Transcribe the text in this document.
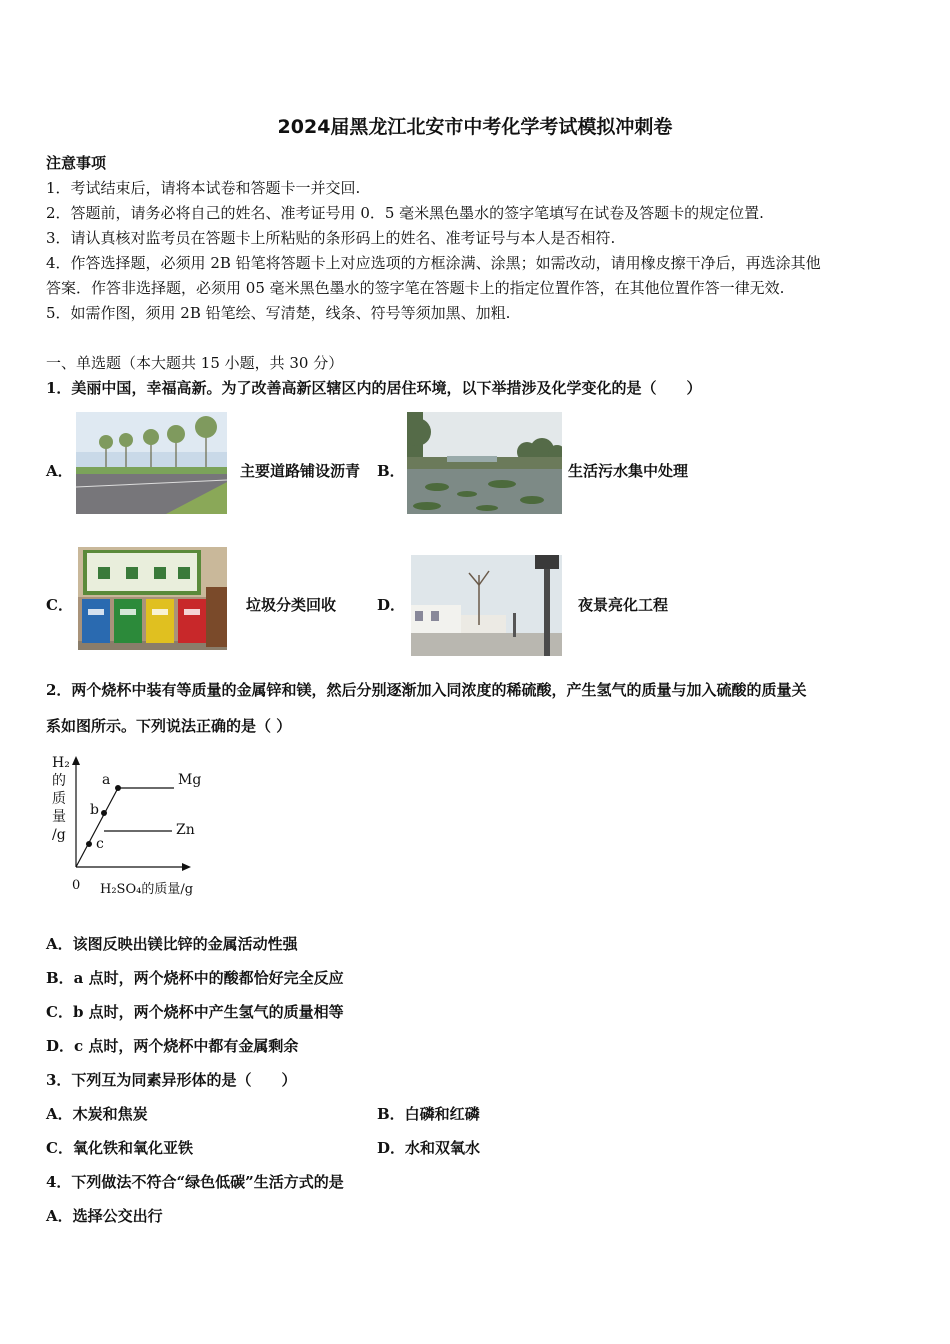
2024届黑龙江北安市中考化学考试模拟冲刺卷
注意事项
1．考试结束后，请将本试卷和答题卡一并交回.
2．答题前，请务必将自己的姓名、准考证号用 0．5 毫米黑色墨水的签字笔填写在试卷及答题卡的规定位置.
3．请认真核对监考员在答题卡上所粘贴的条形码上的姓名、准考证号与本人是否相符.
4．作答选择题，必须用 2B 铅笔将答题卡上对应选项的方框涂满、涂黑；如需改动，请用橡皮擦干净后，再选涂其他
答案．作答非选择题，必须用 05 毫米黑色墨水的签字笔在答题卡上的指定位置作答，在其他位置作答一律无效.
5．如需作图，须用 2B 铅笔绘、写清楚，线条、符号等须加黑、加粗.
一、单选题（本大题共 15 小题，共 30 分）
1．美丽中国，幸福高新。为了改善高新区辖区内的居住环境，以下举措涉及化学变化的是（　　）
A．	主要道路铺设沥青 B．	生活污水集中处理
C．	垃圾分类回收	D．	夜景亮化工程
2．两个烧杯中装有等质量的金属锌和镁，然后分别逐渐加入同浓度的稀硫酸，产生氢气的质量与加入硫酸的质量关
系如图所示。下列说法正确的是（ ）
H₂
的
质
量
/g
a
b
c
Mg
Zn
0 H₂SO₄的质量/g
A．该图反映出镁比锌的金属活动性强
B．a 点时，两个烧杯中的酸都恰好完全反应
C．b 点时，两个烧杯中产生氢气的质量相等
D．c 点时，两个烧杯中都有金属剩余
3．下列互为同素异形体的是（　　）
A．木炭和焦炭	B．白磷和红磷
C．氧化铁和氧化亚铁	D．水和双氧水
4．下列做法不符合“绿色低碳”生活方式的是
A．选择公交出行
